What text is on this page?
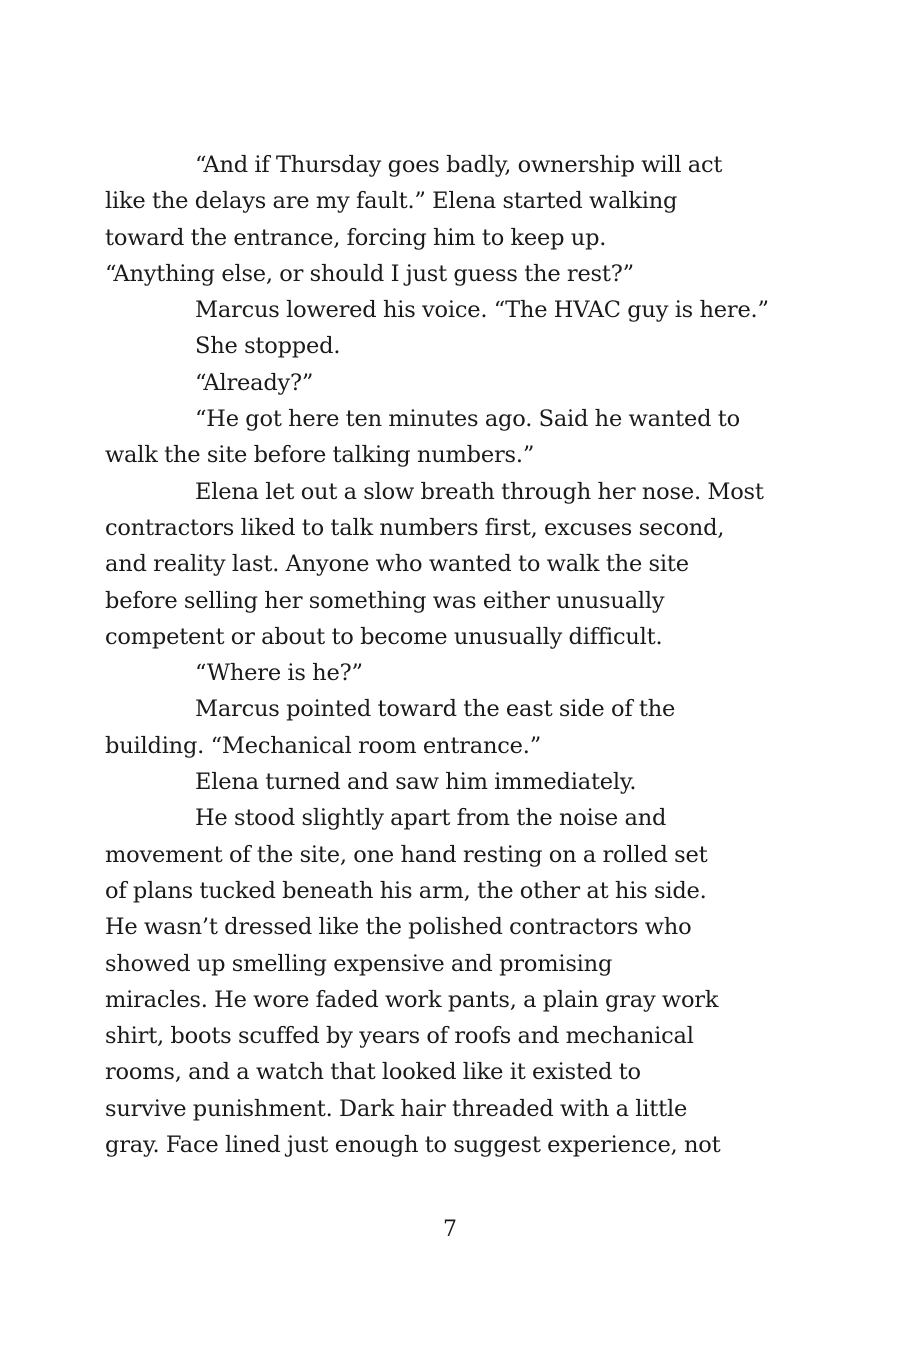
“And if Thursday goes badly, ownership will act
like the delays are my fault.” Elena started walking
toward the entrance, forcing him to keep up.
“Anything else, or should I just guess the rest?”

Marcus lowered his voice. “The HVAC guy is here.”

She stopped.

“Already?”

“He got here ten minutes ago. Said he wanted to
walk the site before talking numbers.”

Elena let out a slow breath through her nose. Most
contractors liked to talk numbers first, excuses second,
and reality last. Anyone who wanted to walk the site
before selling her something was either unusually
competent or about to become unusually difficult.

“Where is he?”

Marcus pointed toward the east side of the
building. “Mechanical room entrance.”

Elena turned and saw him immediately.

He stood slightly apart from the noise and
movement of the site, one hand resting on a rolled set
of plans tucked beneath his arm, the other at his side.
He wasn’t dressed like the polished contractors who
showed up smelling expensive and promising
miracles. He wore faded work pants, a plain gray work
shirt, boots scuffed by years of roofs and mechanical
rooms, and a watch that looked like it existed to
survive punishment. Dark hair threaded with a little
gray. Face lined just enough to suggest experience, not

7
